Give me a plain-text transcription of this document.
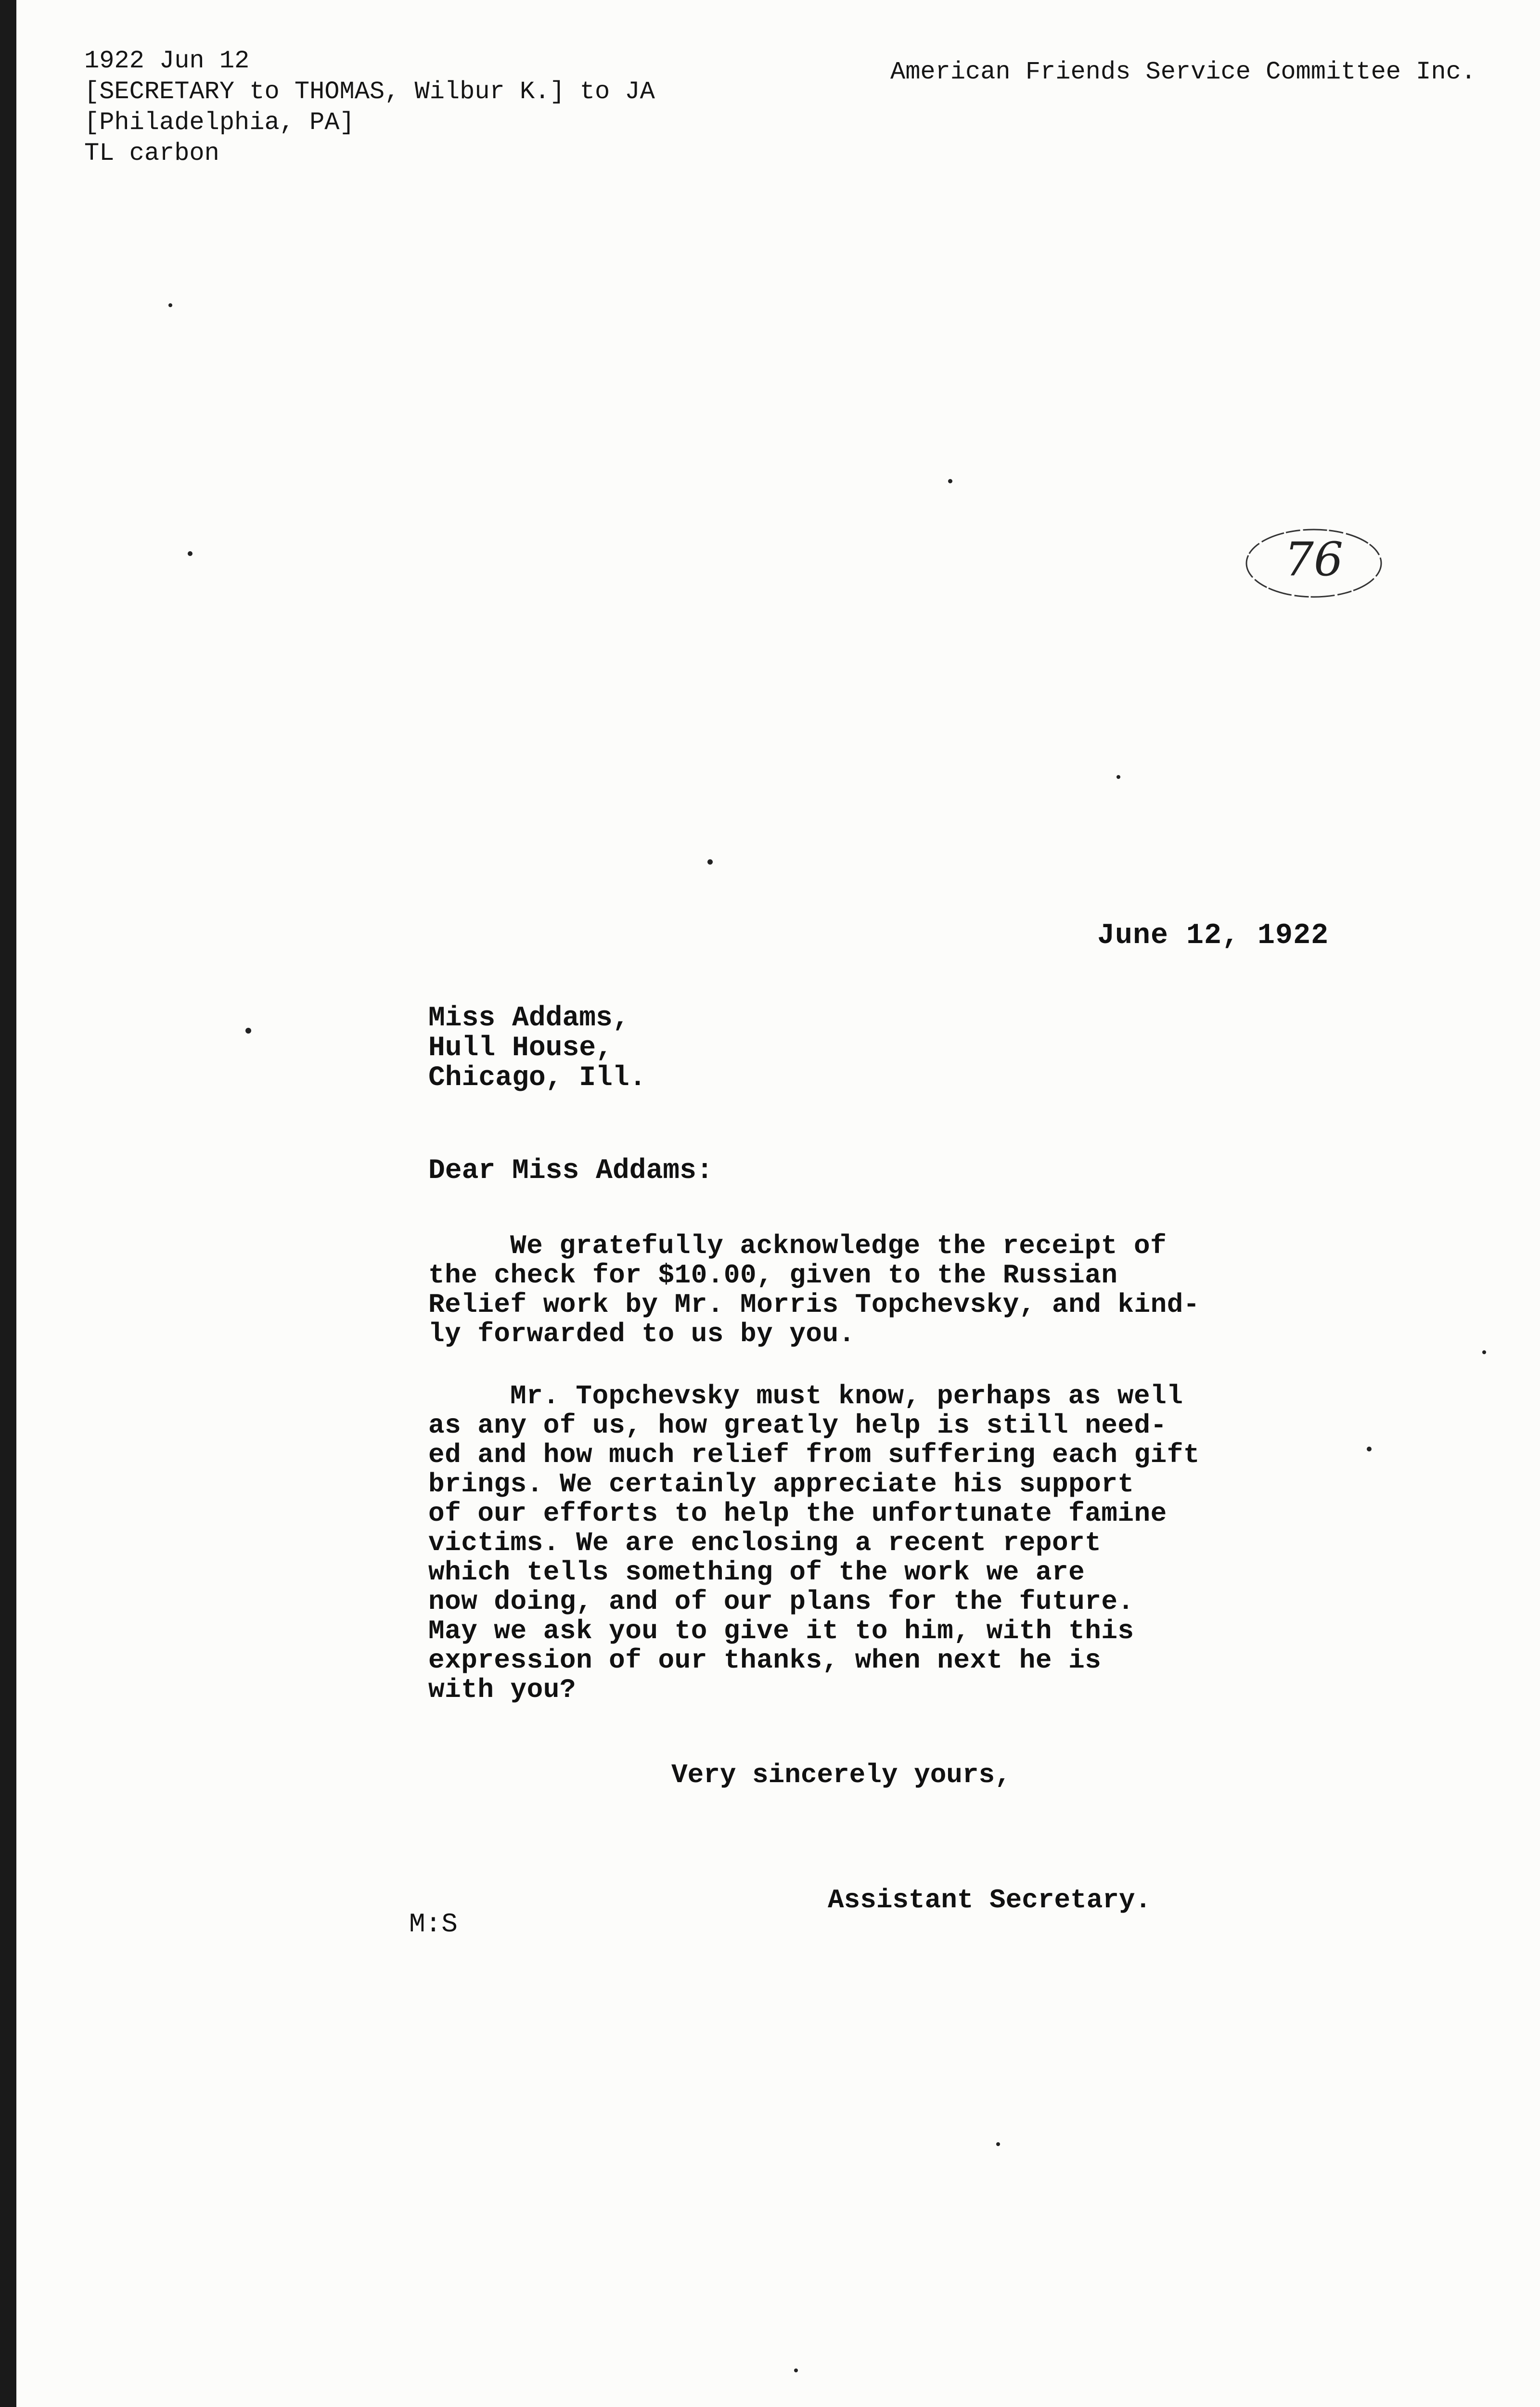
1922 Jun 12
[SECRETARY to THOMAS, Wilbur K.] to JA
[Philadelphia, PA]
TL carbon
American Friends Service Committee Inc.
76
June 12, 1922
Miss Addams,
Hull House,
Chicago, Ill.
Dear Miss Addams:
We gratefully acknowledge the receipt of
the check for $10.00, given to the Russian
Relief work by Mr. Morris Topchevsky, and kind-
ly forwarded to us by you.
Mr. Topchevsky must know, perhaps as well
as any of us, how greatly help is still need-
ed and how much relief from suffering each gift
brings. We certainly appreciate his support
of our efforts to help the unfortunate famine
victims. We are enclosing a recent report
which tells something of the work we are
now doing, and of our plans for the future.
May we ask you to give it to him, with this
expression of our thanks, when next he is
with you?
Very sincerely yours,
Assistant Secretary.
M:S
